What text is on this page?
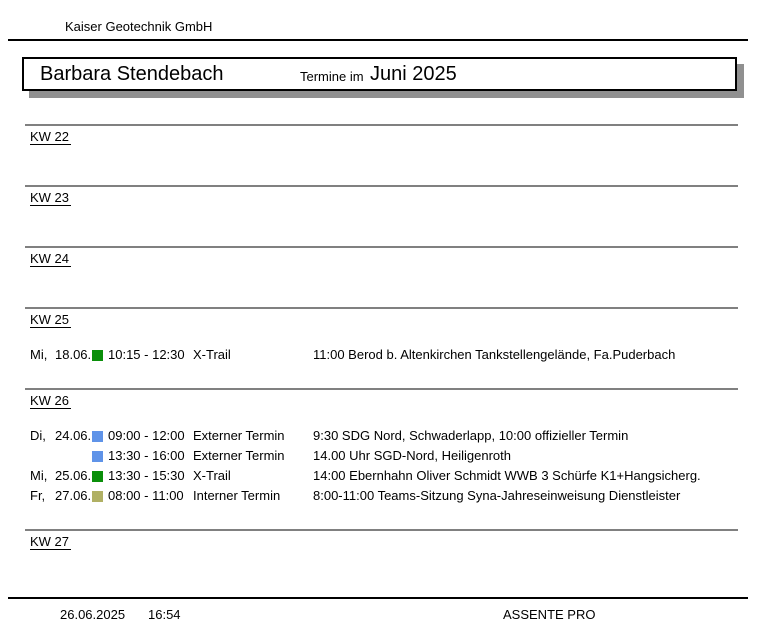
Kaiser Geotechnik GmbH
Barbara Stendebach	Termine im Juni 2025
KW 22
KW 23
KW 24
KW 25
Mi, 18.06. 10:15 - 12:30 X-Trail	11:00 Berod b. Altenkirchen Tankstellengelände, Fa.Puderbach
KW 26
Di, 24.06. 09:00 - 12:00 Externer Termin 9:30 SDG Nord, Schwaderlapp, 10:00 offizieller Termin
13:30 - 16:00 Externer Termin 14.00 Uhr SGD-Nord, Heiligenroth
Mi, 25.06. 13:30 - 15:30 X-Trail	14:00 Ebernhahn Oliver Schmidt WWB 3 Schürfe K1+Hangsicherg.
Fr, 27.06. 08:00 - 11:00 Interner Termin	8:00-11:00 Teams-Sitzung Syna-Jahreseinweisung Dienstleister
KW 27
26.06.2025 16:54	ASSENTE PRO
